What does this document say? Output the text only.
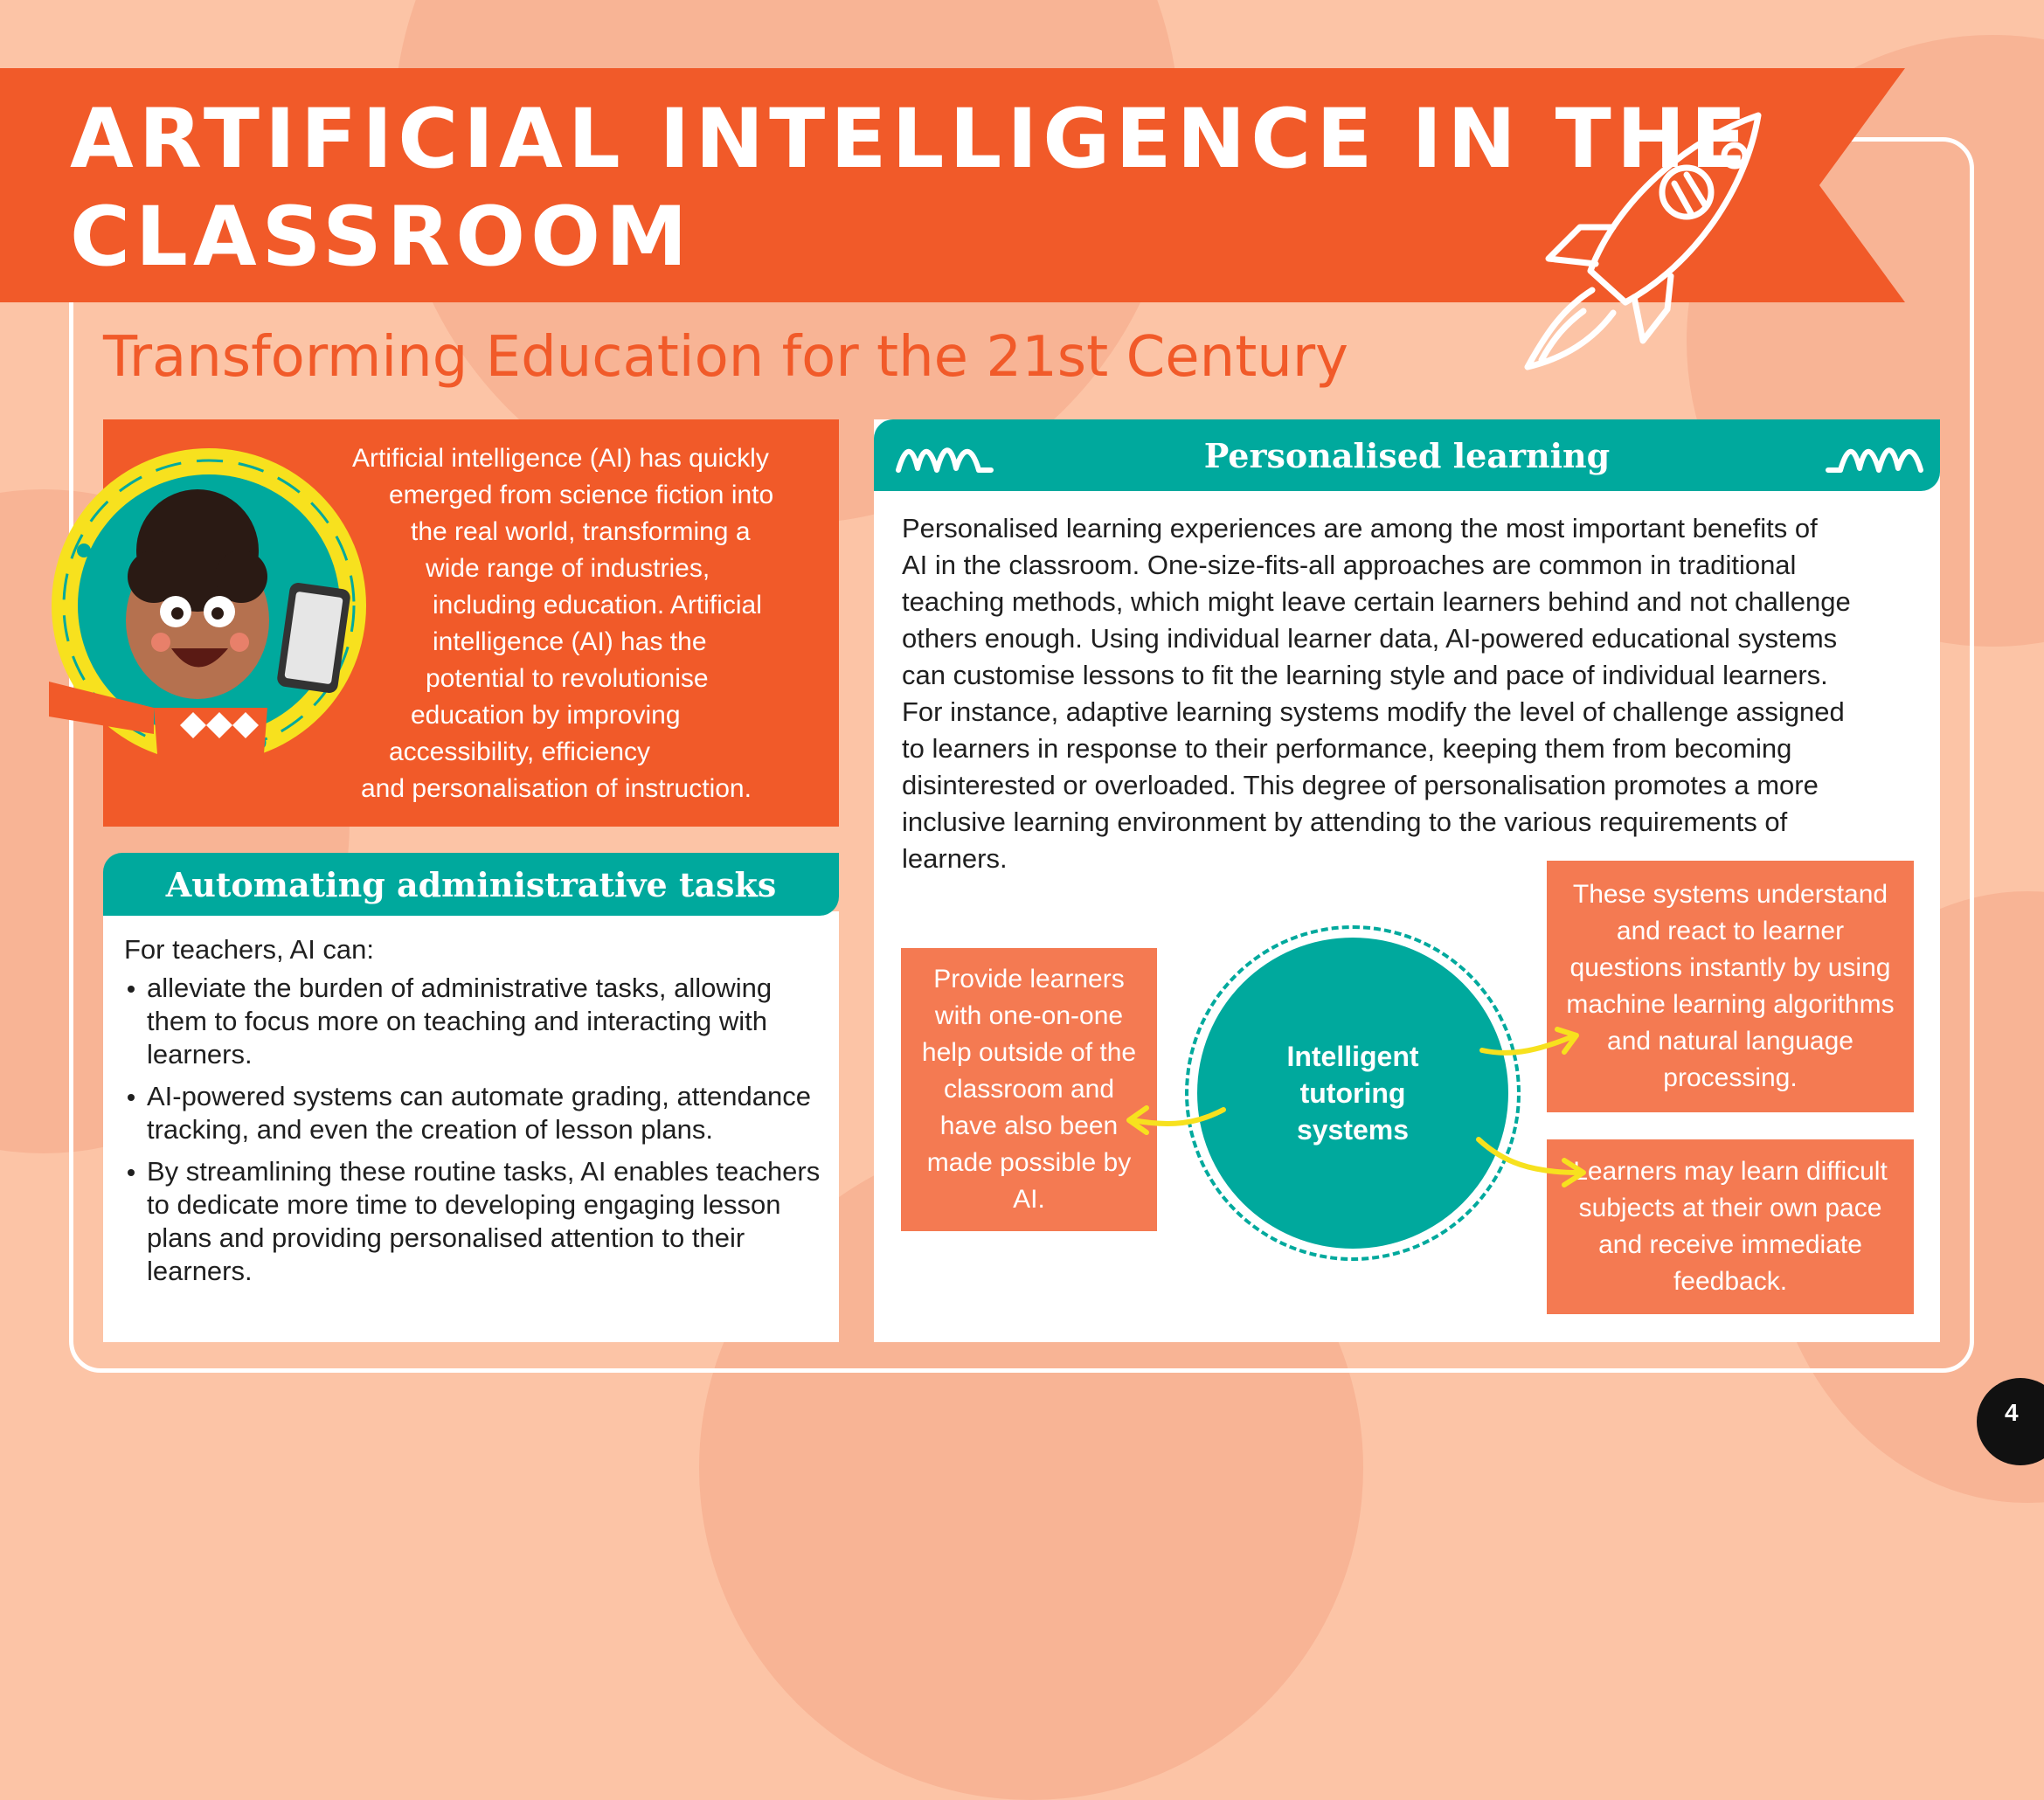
ARTIFICIAL INTELLIGENCE IN THE
CLASSROOM
Transforming Education for the 21st Century
Artificial intelligence (AI) has quickly
emerged from science fiction into
the real world, transforming a
wide range of industries,
including education. Artificial
intelligence (AI) has the
potential to revolutionise
education by improving
accessibility, efficiency
and personalisation of instruction.
Automating administrative tasks

For teachers, AI can:

alleviate the burden of administrative tasks, allowing them to focus more on teaching and interacting with learners.
AI-powered systems can automate grading, attendance tracking, and even the creation of lesson plans.
By streamlining these routine tasks, AI enables teachers to dedicate more time to developing engaging lesson plans and providing personalised attention to their learners.
Personalised learning
Personalised learning experiences are among the most important benefits of
AI in the classroom. One-size-fits-all approaches are common in traditional
teaching methods, which might leave certain learners behind and not challenge
others enough. Using individual learner data, AI-powered educational systems
can customise lessons to fit the learning style and pace of individual learners.
For instance, adaptive learning systems modify the level of challenge assigned
to learners in response to their performance, keeping them from becoming
disinterested or overloaded. This degree of personalisation promotes a more
inclusive learning environment by attending to the various requirements of
learners.

Provide learners with one-on-one help outside of the classroom and have also been made possible by AI.

These systems understand and react to learner questions instantly by using machine learning algorithms and natural language processing.

Learners may learn difficult subjects at their own pace and receive immediate feedback.

Intelligent tutoring systems
4
